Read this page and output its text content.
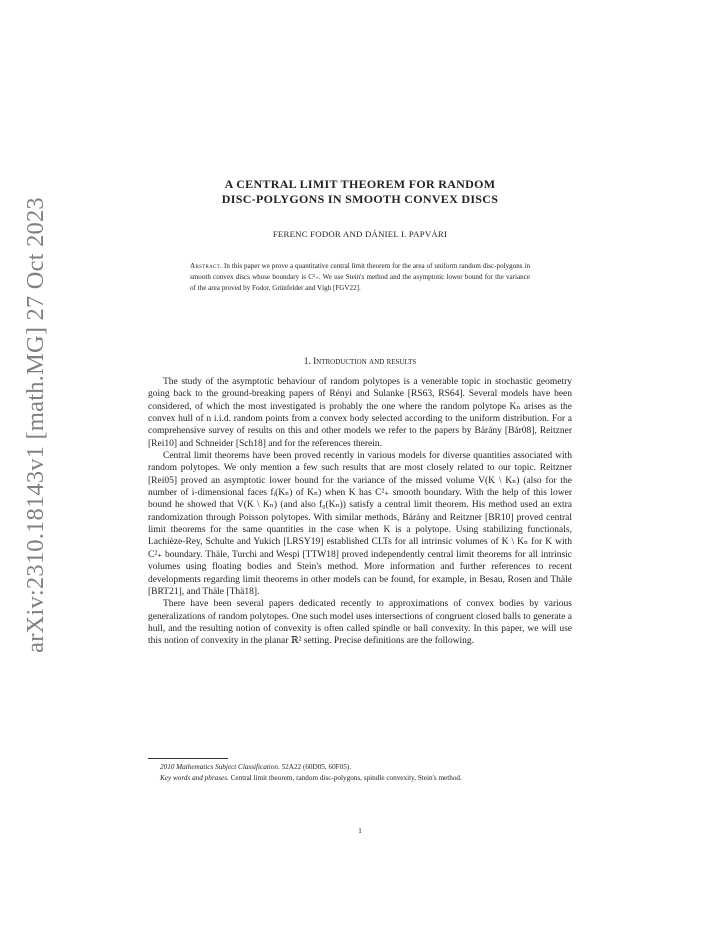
arXiv:2310.18143v1 [math.MG] 27 Oct 2023
A CENTRAL LIMIT THEOREM FOR RANDOM
DISC-POLYGONS IN SMOOTH CONVEX DISCS
FERENC FODOR AND DÁNIEL I. PAPVÁRI
Abstract. In this paper we prove a quantitative central limit theorem for the area of uniform random disc-polygons in smooth convex discs whose boundary is C²₊. We use Stein's method and the asymptotic lower bound for the variance of the area proved by Fodor, Grünfelder and Vígh [FGV22].
1. Introduction and results

The study of the asymptotic behaviour of random polytopes is a venerable topic in stochastic geometry going back to the ground-breaking papers of Rényi and Sulanke [RS63, RS64]. Several models have been considered, of which the most investigated is probably the one where the random polytope Kₙ arises as the convex hull of n i.i.d. random points from a convex body selected according to the uniform distribution. For a comprehensive survey of results on this and other models we refer to the papers by Bárány [Bár08], Reitzner [Rei10] and Schneider [Sch18] and for the references therein.

Central limit theorems have been proved recently in various models for diverse quantities associated with random polytopes. We only mention a few such results that are most closely related to our topic. Reitzner [Rei05] proved an asymptotic lower bound for the variance of the missed volume V(K \ Kₙ) (also for the number of i-dimensional faces fᵢ(Kₙ) of Kₙ) when K has C²₊ smooth boundary. With the help of this lower bound he showed that V(K \ Kₙ) (and also f₀(Kₙ)) satisfy a central limit theorem. His method used an extra randomization through Poisson polytopes. With similar methods, Bárány and Reitzner [BR10] proved central limit theorems for the same quantities in the case when K is a polytope. Using stabilizing functionals, Lachièze-Rey, Schulte and Yukich [LRSY19] established CLTs for all intrinsic volumes of K \ Kₙ for K with C²₊ boundary. Thäle, Turchi and Wespi [TTW18] proved independently central limit theorems for all intrinsic volumes using floating bodies and Stein's method. More information and further references to recent developments regarding limit theorems in other models can be found, for example, in Besau, Rosen and Thäle [BRT21], and Thäle [Thä18].

There have been several papers dedicated recently to approximations of convex bodies by various generalizations of random polytopes. One such model uses intersections of congruent closed balls to generate a hull, and the resulting notion of convexity is often called spindle or ball convexity. In this paper, we will use this notion of convexity in the planar ℝ² setting. Precise definitions are the following.

2010 Mathematics Subject Classification. 52A22 (60D05, 60F05).

Key words and phrases. Central limit theorem, random disc-polygons, spindle convexity, Stein's method.

1
